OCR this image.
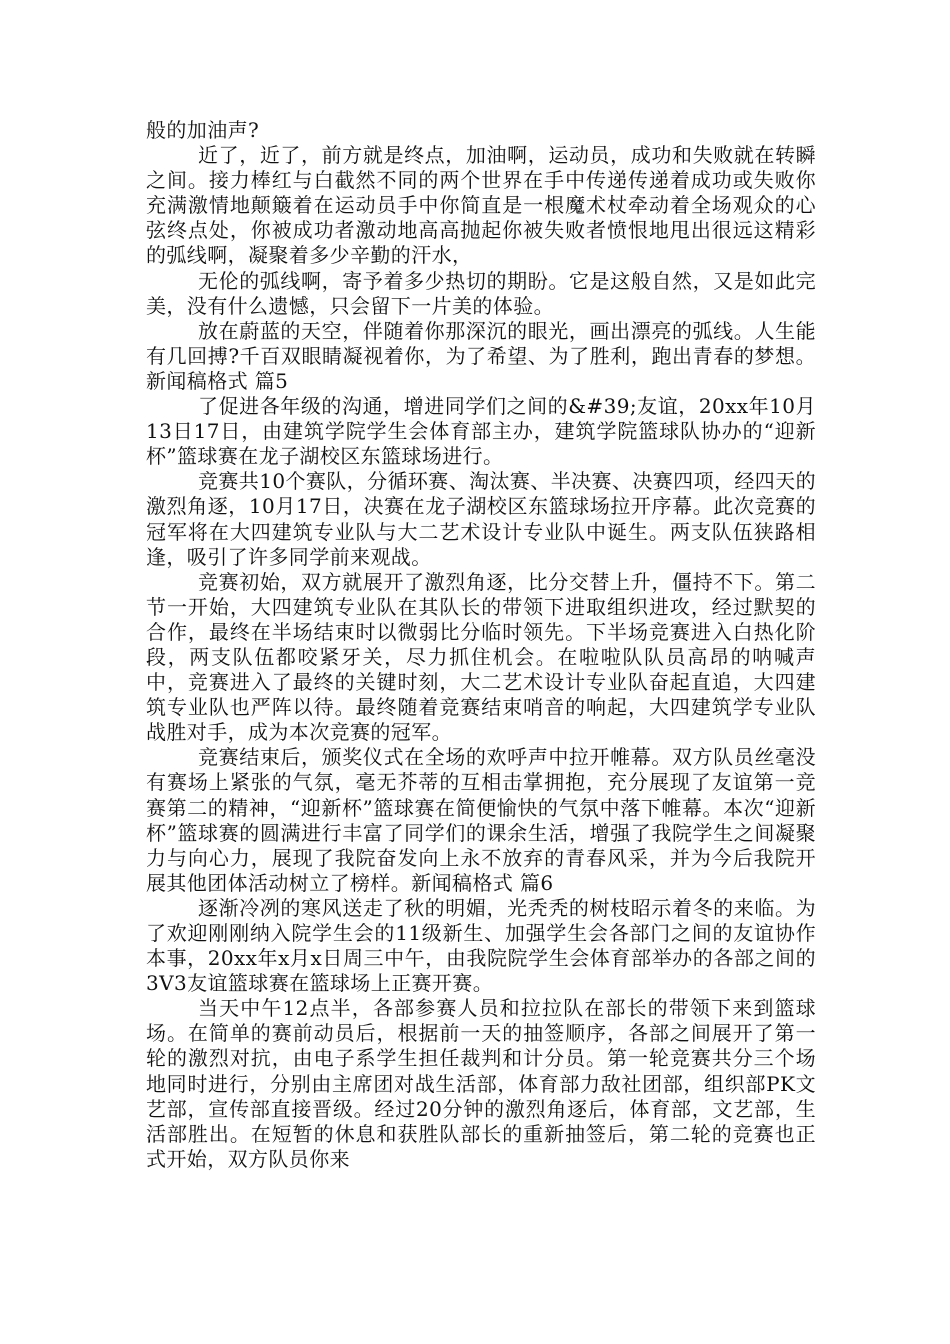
般的加油声?

近了，近了，前方就是终点，加油啊，运动员，成功和失败就在转瞬之间。接力棒红与白截然不同的两个世界在手中传递传递着成功或失败你充满激情地颠簸着在运动员手中你简直是一根魔术杖牵动着全场观众的心弦终点处，你被成功者激动地高高抛起你被失败者愤恨地甩出很远这精彩的弧线啊，凝聚着多少辛勤的汗水，

无伦的弧线啊，寄予着多少热切的期盼。它是这般自然，又是如此完美，没有什么遗憾，只会留下一片美的体验。

放在蔚蓝的天空，伴随着你那深沉的眼光，画出漂亮的弧线。人生能有几回搏?千百双眼睛凝视着你，为了希望、为了胜利，跑出青春的梦想。新闻稿格式 篇5

了促进各年级的沟通，增进同学们之间的&#39;友谊，20xx年10月13日17日，由建筑学院学生会体育部主办，建筑学院篮球队协办的“迎新杯”篮球赛在龙子湖校区东篮球场进行。

竞赛共10个赛队，分循环赛、淘汰赛、半决赛、决赛四项，经四天的激烈角逐，10月17日，决赛在龙子湖校区东篮球场拉开序幕。此次竞赛的冠军将在大四建筑专业队与大二艺术设计专业队中诞生。两支队伍狭路相逢，吸引了许多同学前来观战。

竞赛初始，双方就展开了激烈角逐，比分交替上升，僵持不下。第二节一开始，大四建筑专业队在其队长的带领下进取组织进攻，经过默契的合作，最终在半场结束时以微弱比分临时领先。下半场竞赛进入白热化阶段，两支队伍都咬紧牙关，尽力抓住机会。在啦啦队队员高昂的呐喊声中，竞赛进入了最终的关键时刻，大二艺术设计专业队奋起直追，大四建筑专业队也严阵以待。最终随着竞赛结束哨音的响起，大四建筑学专业队战胜对手，成为本次竞赛的冠军。

竞赛结束后，颁奖仪式在全场的欢呼声中拉开帷幕。双方队员丝毫没有赛场上紧张的气氛，毫无芥蒂的互相击掌拥抱，充分展现了友谊第一竞赛第二的精神，“迎新杯”篮球赛在简便愉快的气氛中落下帷幕。本次“迎新杯”篮球赛的圆满进行丰富了同学们的课余生活，增强了我院学生之间凝聚力与向心力，展现了我院奋发向上永不放弃的青春风采，并为今后我院开展其他团体活动树立了榜样。新闻稿格式 篇6

逐渐冷冽的寒风送走了秋的明媚，光秃秃的树枝昭示着冬的来临。为了欢迎刚刚纳入院学生会的11级新生、加强学生会各部门之间的友谊协作本事，20xx年x月x日周三中午，由我院院学生会体育部举办的各部之间的3V3友谊篮球赛在篮球场上正赛开赛。

当天中午12点半，各部参赛人员和拉拉队在部长的带领下来到篮球场。在简单的赛前动员后，根据前一天的抽签顺序，各部之间展开了第一轮的激烈对抗，由电子系学生担任裁判和计分员。第一轮竞赛共分三个场地同时进行，分别由主席团对战生活部，体育部力敌社团部，组织部PK文艺部，宣传部直接晋级。经过20分钟的激烈角逐后，体育部，文艺部，生活部胜出。在短暂的休息和获胜队部长的重新抽签后，第二轮的竞赛也正式开始，双方队员你来
